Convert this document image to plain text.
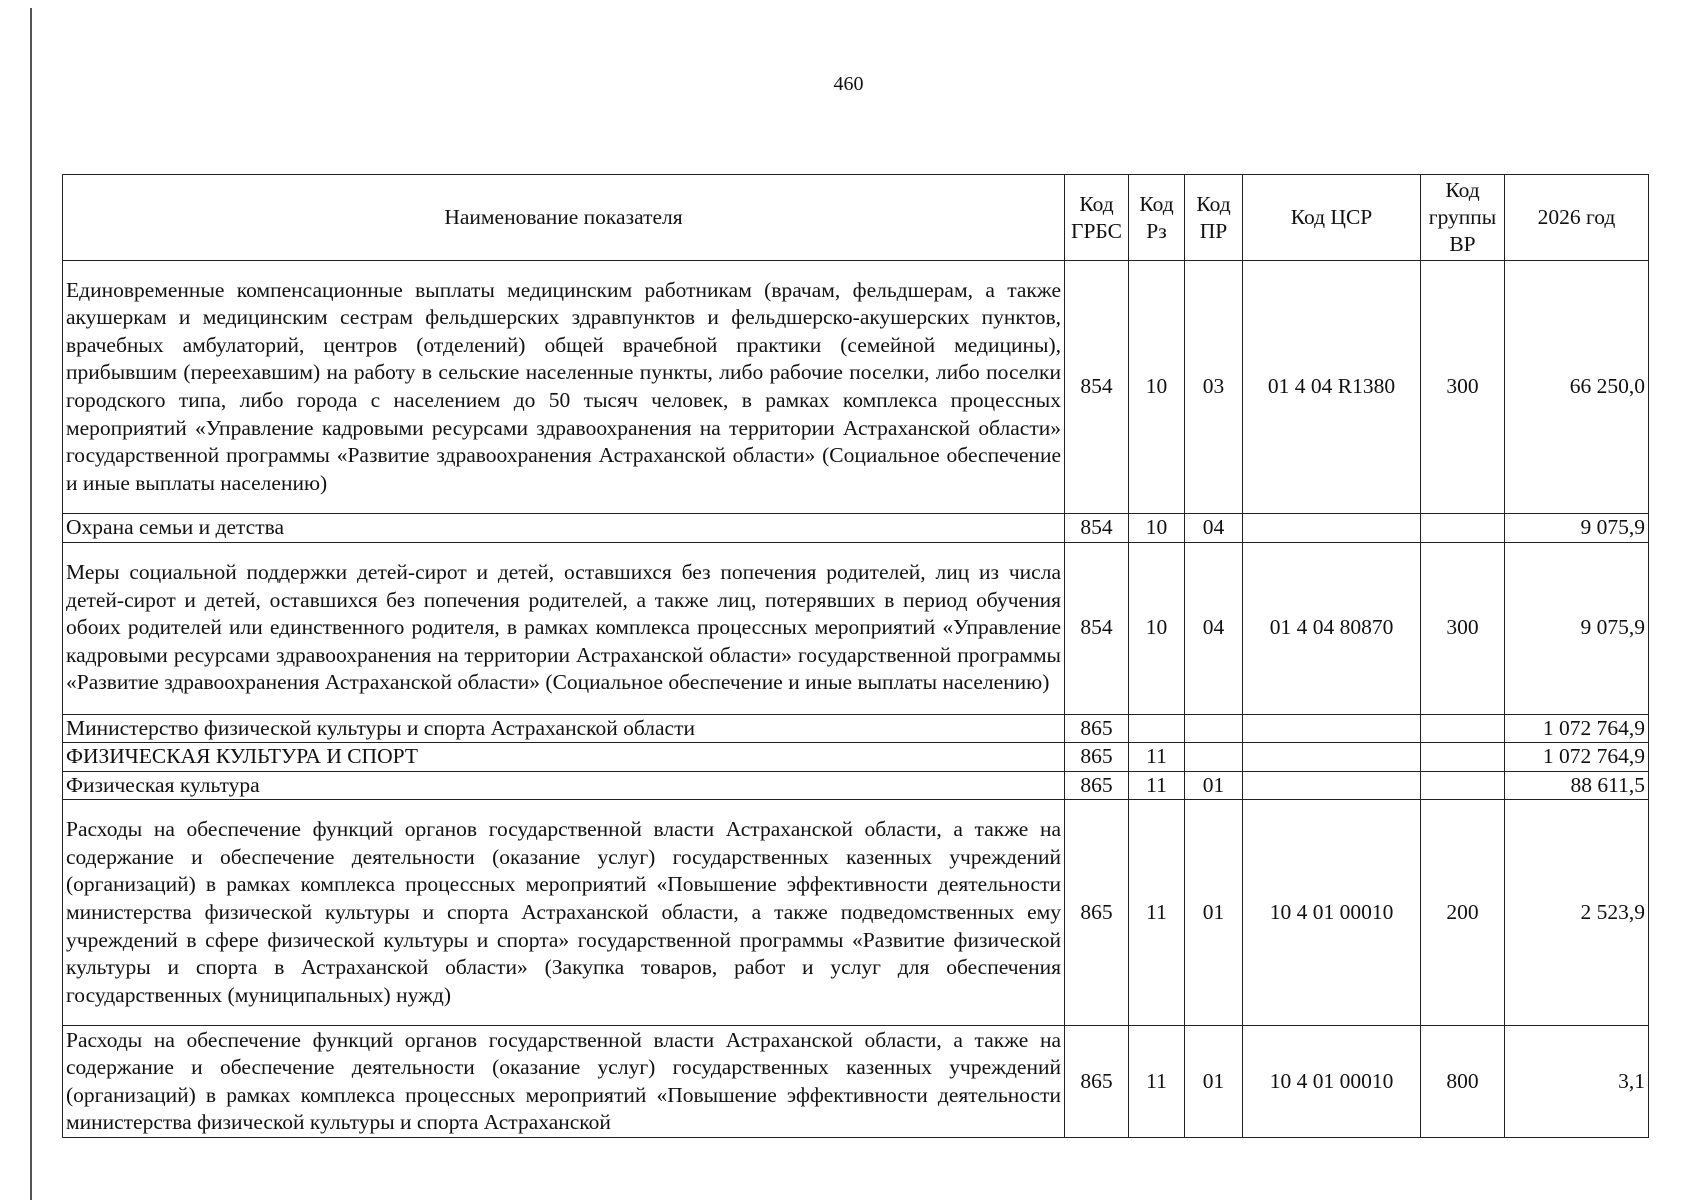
460
Наименование показателя	Код ГРБС	Код Рз	Код ПР	Код ЦСР	Код группы ВР	2026 год
Единовременные компенсационные выплаты медицинским работникам (врачам, фельдшерам, а также акушеркам и медицинским сестрам фельдшерских здравпунктов и фельдшерско-акушерских пунктов, врачебных амбулаторий, центров (отделений) общей врачебной практики (семейной медицины), прибывшим (переехавшим) на работу в сельские населенные пункты, либо рабочие поселки, либо поселки городского типа, либо города с населением до 50 тысяч человек, в рамках комплекса процессных мероприятий «Управление кадровыми ресурсами здравоохранения на территории Астраханской области» государственной программы «Развитие здравоохранения Астраханской области» (Социальное обеспечение и иные выплаты населению)	854	10	03	01 4 04 R1380	300	66 250,0
Охрана семьи и детства	854	10	04			9 075,9
Меры социальной поддержки детей-сирот и детей, оставшихся без попечения родителей, лиц из числа детей-сирот и детей, оставшихся без попечения родителей, а также лиц, потерявших в период обучения обоих родителей или единственного родителя, в рамках комплекса процессных мероприятий «Управление кадровыми ресурсами здравоохранения на территории Астраханской области» государственной программы «Развитие здравоохранения Астраханской области» (Социальное обеспечение и иные выплаты населению)	854	10	04	01 4 04 80870	300	9 075,9
Министерство физической культуры и спорта Астраханской области	865					1 072 764,9
ФИЗИЧЕСКАЯ КУЛЬТУРА И СПОРТ	865	11				1 072 764,9
Физическая культура	865	11	01			88 611,5
Расходы на обеспечение функций органов государственной власти Астраханской области, а также на содержание и обеспечение деятельности (оказание услуг) государственных казенных учреждений (организаций) в рамках комплекса процессных мероприятий «Повышение эффективности деятельности министерства физической культуры и спорта Астраханской области, а также подведомственных ему учреждений в сфере физической культуры и спорта» государственной программы «Развитие физической культуры и спорта в Астраханской области» (Закупка товаров, работ и услуг для обеспечения государственных (муниципальных) нужд)	865	11	01	10 4 01 00010	200	2 523,9
Расходы на обеспечение функций органов государственной власти Астраханской области, а также на содержание и обеспечение деятельности (оказание услуг) государственных казенных учреждений (организаций) в рамках комплекса процессных мероприятий «Повышение эффективности деятельности министерства физической культуры и спорта Астраханской	865	11	01	10 4 01 00010	800	3,1
